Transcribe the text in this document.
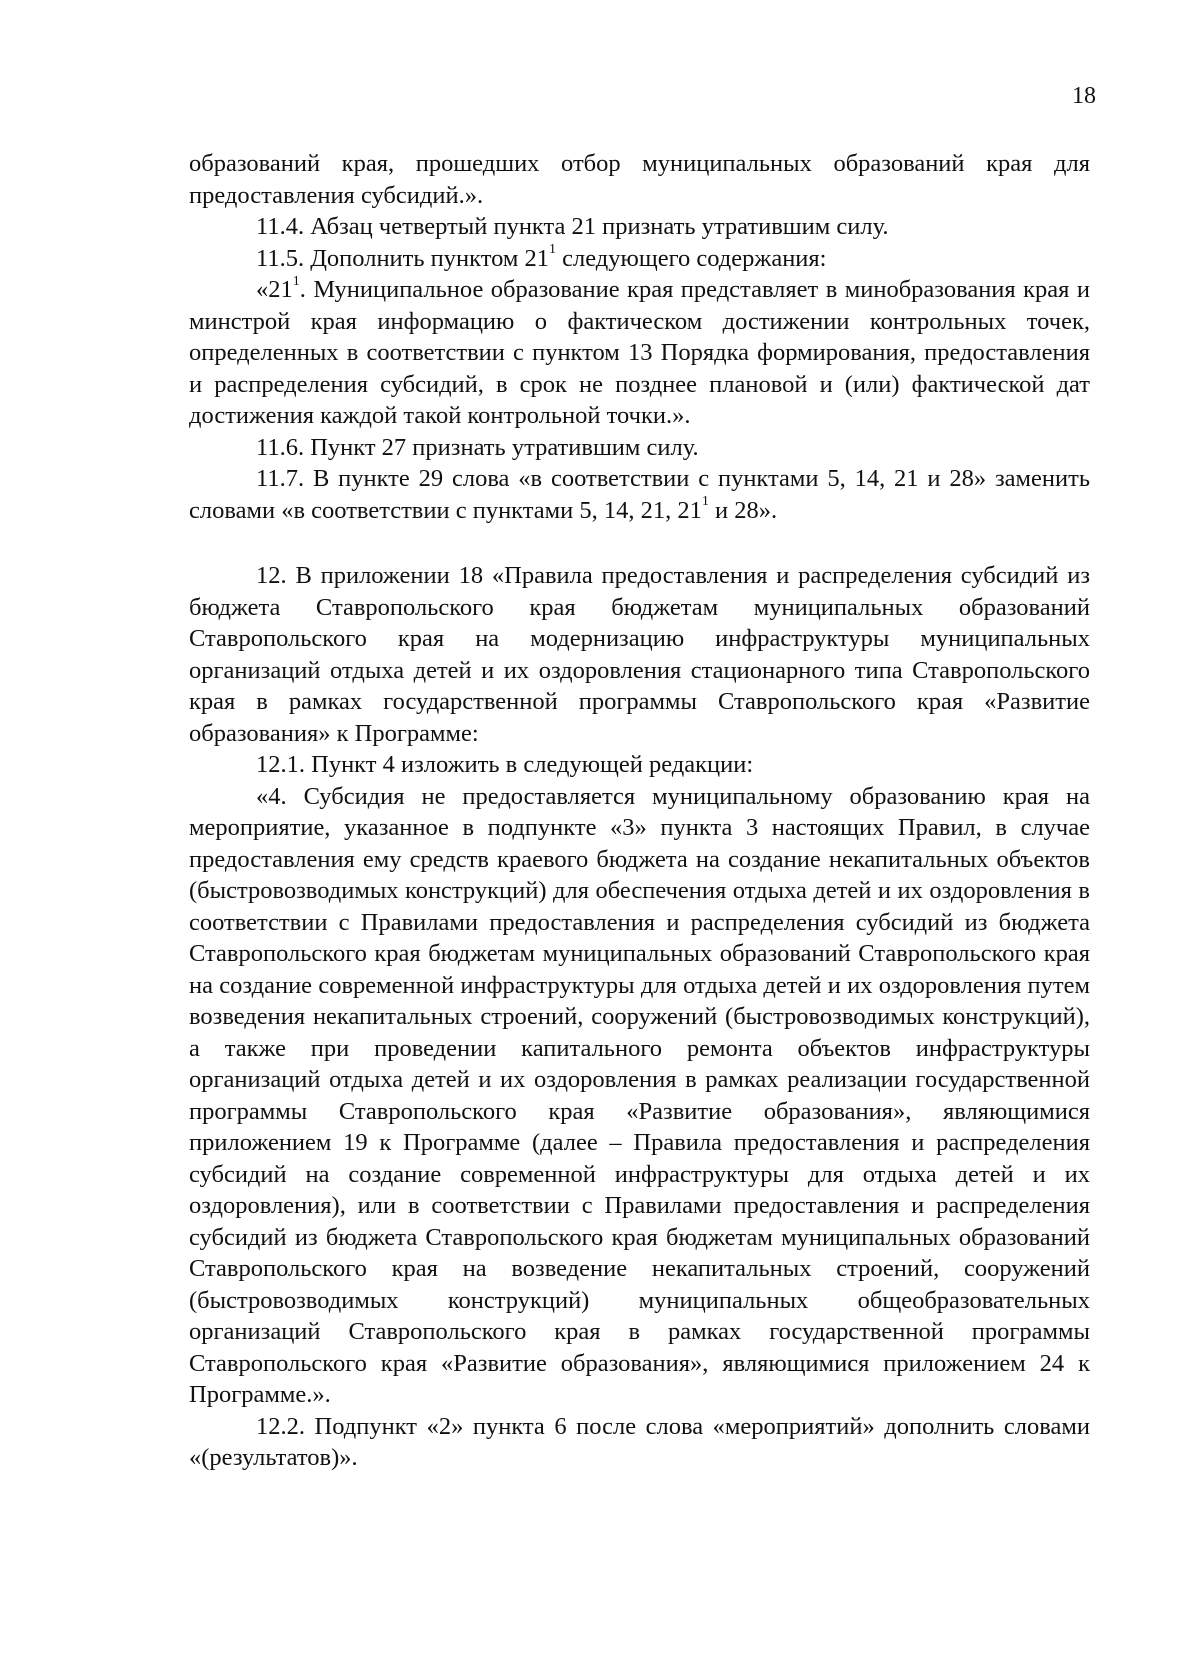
18

образований края, прошедших отбор муниципальных образований края для предоставления субсидий.».

11.4. Абзац четвертый пункта 21 признать утратившим силу.

11.5. Дополнить пунктом $21^1$ следующего содержания:

«$21^1$. Муниципальное образование края представляет в минобразования края и минстрой края информацию о фактическом достижении контрольных точек, определенных в соответствии с пунктом 13 Порядка формирования, предоставления и распределения субсидий, в срок не позднее плановой и (или) фактической дат достижения каждой такой контрольной точки.».

11.6. Пункт 27 признать утратившим силу.

11.7. В пункте 29 слова «в соответствии с пунктами 5, 14, 21 и 28» заменить словами «в соответствии с пунктами 5, 14, 21, $21^1$ и 28».

12. В приложении 18 «Правила предоставления и распределения субсидий из бюджета Ставропольского края бюджетам муниципальных образований Ставропольского края на модернизацию инфраструктуры муниципальных организаций отдыха детей и их оздоровления стационарного типа Ставропольского края в рамках государственной программы Ставропольского края «Развитие образования» к Программе:

12.1. Пункт 4 изложить в следующей редакции:

«4. Субсидия не предоставляется муниципальному образованию края на мероприятие, указанное в подпункте «3» пункта 3 настоящих Правил, в случае предоставления ему средств краевого бюджета на создание некапитальных объектов (быстровозводимых конструкций) для обеспечения отдыха детей и их оздоровления в соответствии с Правилами предоставления и распределения субсидий из бюджета Ставропольского края бюджетам муниципальных образований Ставропольского края на создание современной инфраструктуры для отдыха детей и их оздоровления путем возведения некапитальных строений, сооружений (быстровозводимых конструкций), а также при проведении капитального ремонта объектов инфраструктуры организаций отдыха детей и их оздоровления в рамках реализации государственной программы Ставропольского края «Развитие образования», являющимися приложением 19 к Программе (далее – Правила предоставления и распределения субсидий на создание современной инфраструктуры для отдыха детей и их оздоровления), или в соответствии с Правилами предоставления и распределения субсидий из бюджета Ставропольского края бюджетам муниципальных образований Ставропольского края на возведение некапитальных строений, сооружений (быстровозводимых конструкций) муниципальных общеобразовательных организаций Ставропольского края в рамках государственной программы Ставропольского края «Развитие образования», являющимися приложением 24 к Программе.».

12.2. Подпункт «2» пункта 6 после слова «мероприятий» дополнить словами «(результатов)».
